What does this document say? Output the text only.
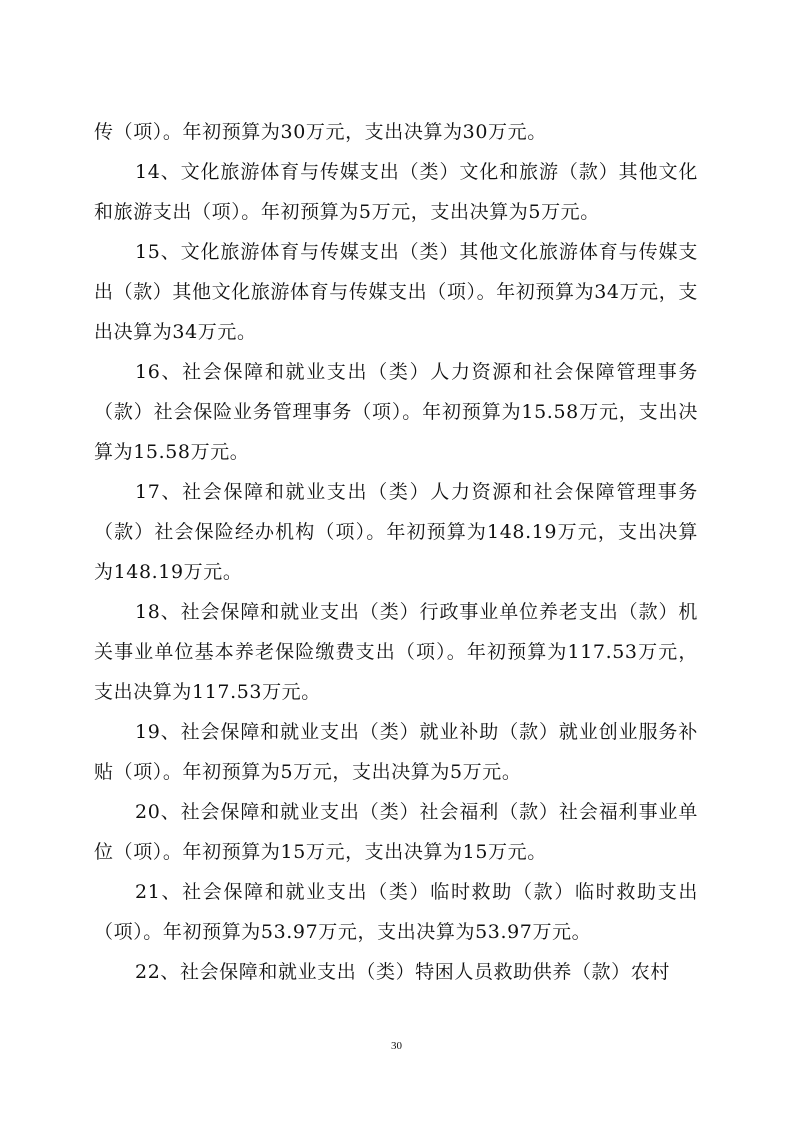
传（项）。年初预算为30万元，支出决算为30万元。

14、文化旅游体育与传媒支出（类）文化和旅游（款）其他文化和旅游支出（项）。年初预算为5万元，支出决算为5万元。

15、文化旅游体育与传媒支出（类）其他文化旅游体育与传媒支出（款）其他文化旅游体育与传媒支出（项）。年初预算为34万元，支出决算为34万元。

16、社会保障和就业支出（类）人力资源和社会保障管理事务（款）社会保险业务管理事务（项）。年初预算为15.58万元，支出决算为15.58万元。

17、社会保障和就业支出（类）人力资源和社会保障管理事务（款）社会保险经办机构（项）。年初预算为148.19万元，支出决算为148.19万元。

18、社会保障和就业支出（类）行政事业单位养老支出（款）机关事业单位基本养老保险缴费支出（项）。年初预算为117.53万元，支出决算为117.53万元。

19、社会保障和就业支出（类）就业补助（款）就业创业服务补贴（项）。年初预算为5万元，支出决算为5万元。

20、社会保障和就业支出（类）社会福利（款）社会福利事业单位（项）。年初预算为15万元，支出决算为15万元。

21、社会保障和就业支出（类）临时救助（款）临时救助支出（项）。年初预算为53.97万元，支出决算为53.97万元。

22、社会保障和就业支出（类）特困人员救助供养（款）农村

30
